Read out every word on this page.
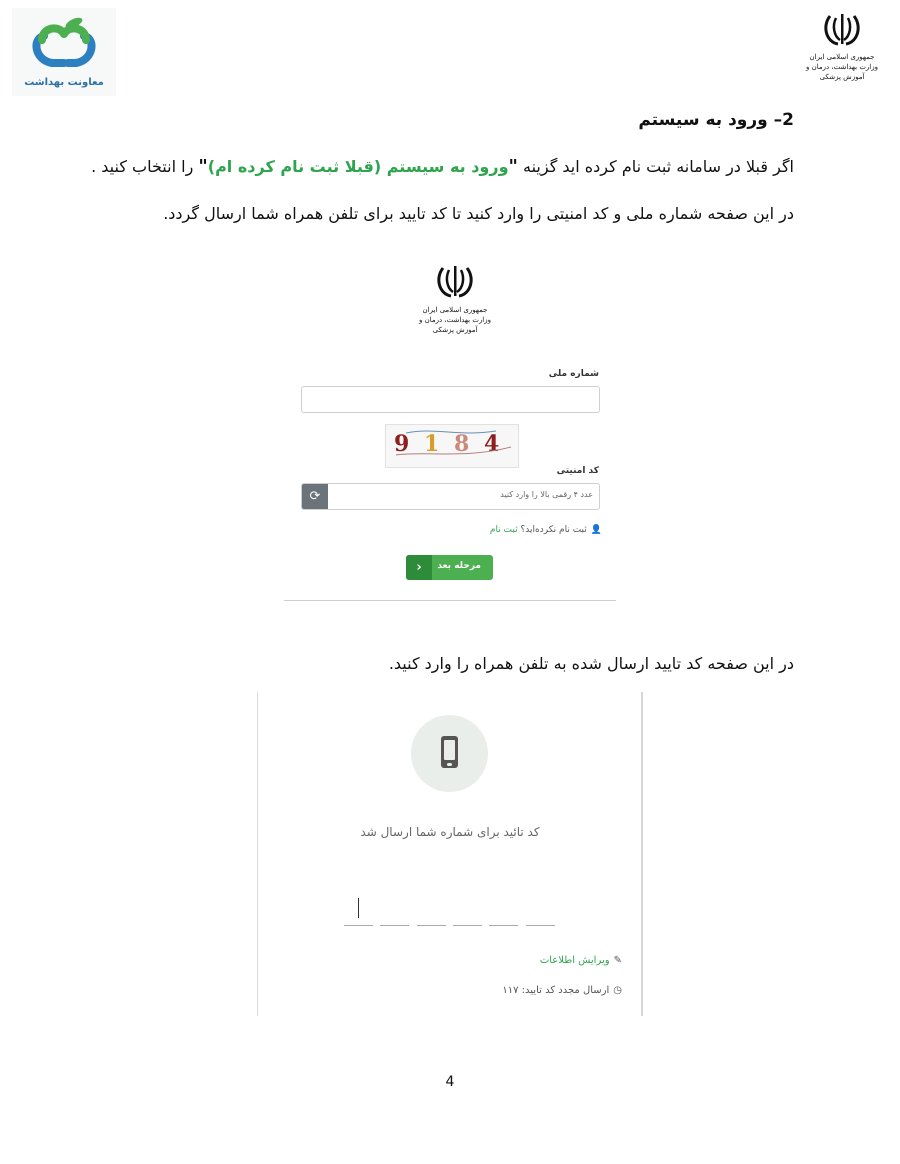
معاونت بهداشت
جمهوری اسلامی ایران
وزارت بهداشت، درمان و آموزش پزشکی
2– ورود به سیستم
اگر قبلا در سامانه ثبت نام کرده اید گزینه "ورود به سیستم (قبلا ثبت نام کرده ام)" را انتخاب کنید .
در این صفحه شماره ملی و کد امنیتی را وارد کنید تا کد تایید برای تلفن همراه شما ارسال گردد.
جمهوری اسلامی ایران
وزارت بهداشت، درمان و آموزش پزشکی
شماره ملی
9 1 8 4
کد امنیتی
⟳	عدد ۴ رقمی بالا را وارد کنید
👤ثبت نام نکرده‌اید؟ ثبت نام
›	مرحله بعد
در این صفحه کد تایید ارسال شده به تلفن همراه را وارد کنید.
کد تائید برای شماره شما ارسال شد
✎ویرایش اطلاعات
◷ارسال مجدد کد تایید: ۱۱۷
4
